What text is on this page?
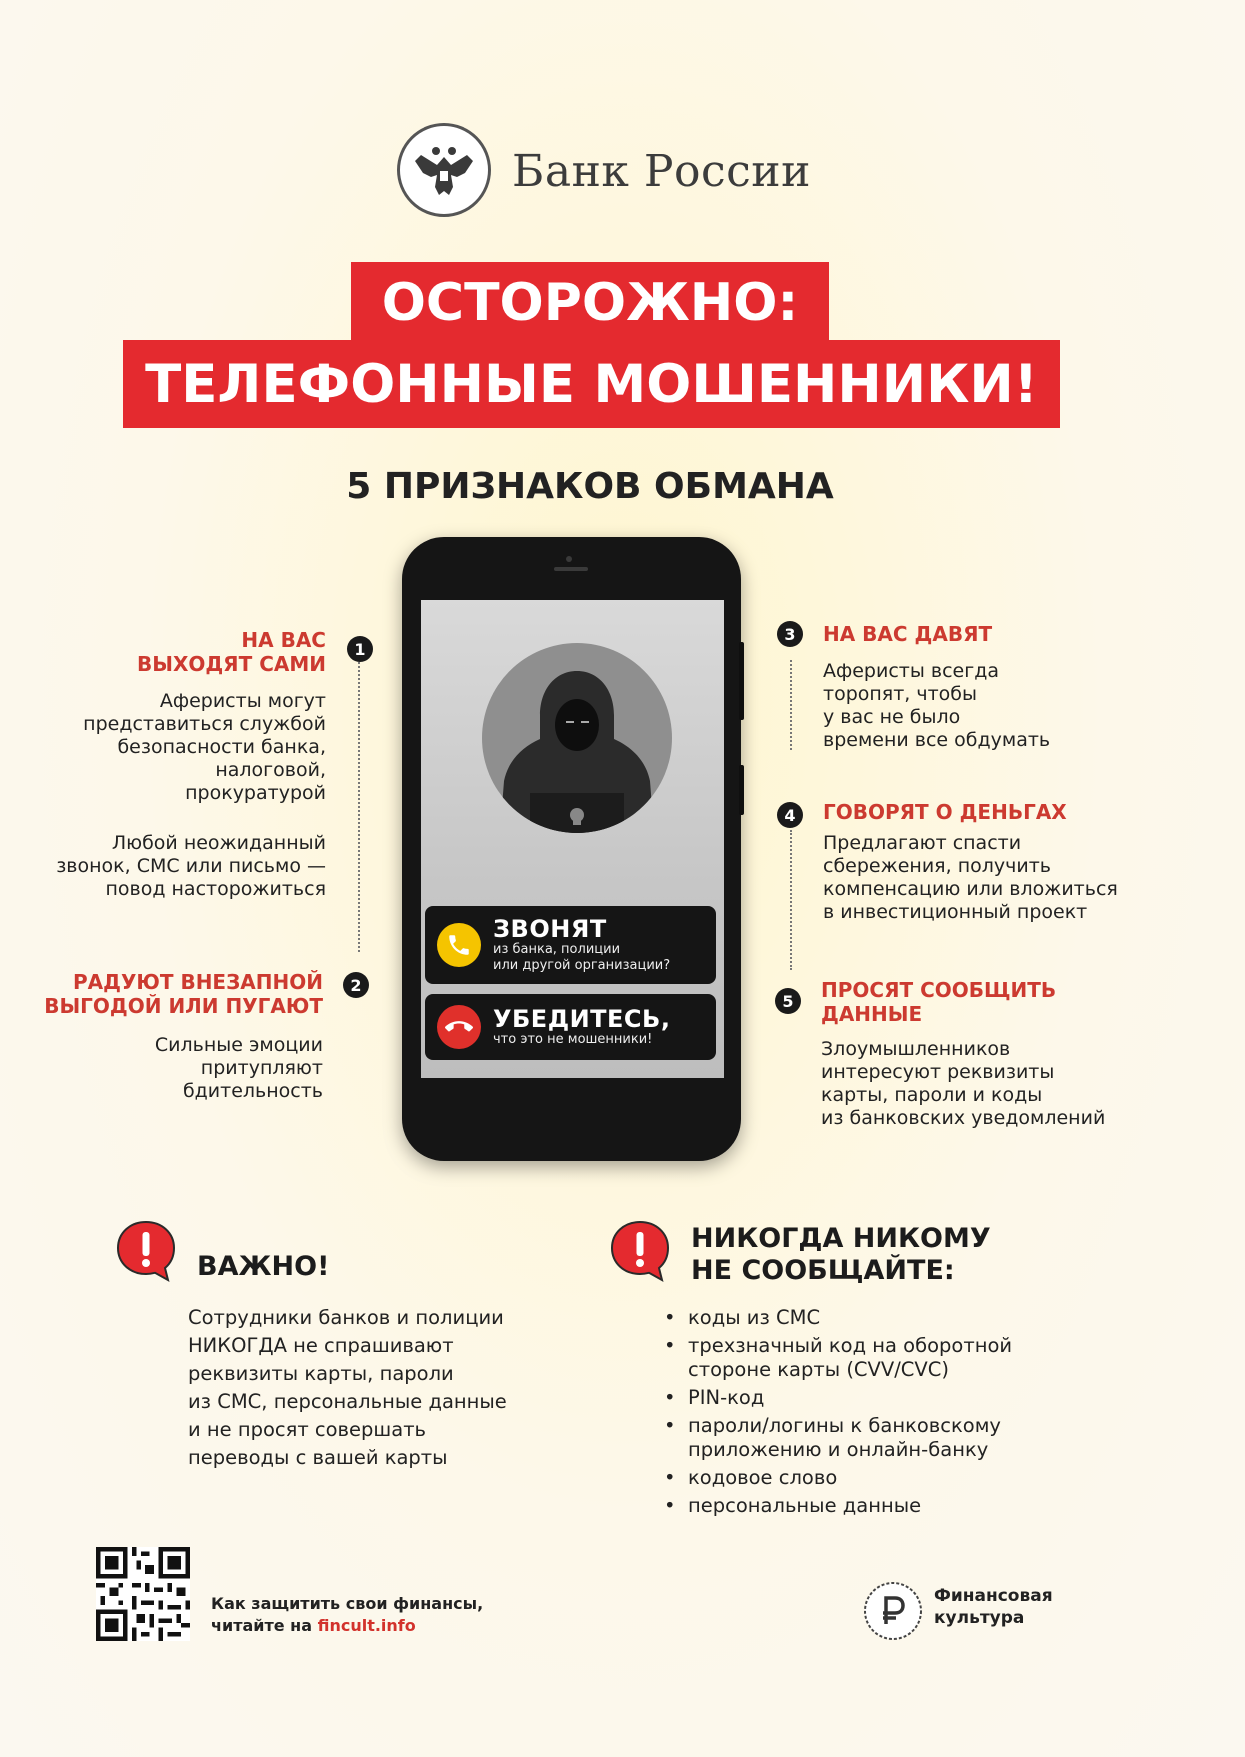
Банк России
ОСТОРОЖНО:
ТЕЛЕФОННЫЕ МОШЕННИКИ!
5 ПРИЗНАКОВ ОБМАНА
ЗВОНЯТ
из банка, полиции
или другой организации?
УБЕДИТЕСЬ,
что это не мошенники!
1
НА ВАС
ВЫХОДЯТ САМИ
Аферисты могут
представиться службой
безопасности банка,
налоговой,
прокуратурой
Любой неожиданный
звонок, СМС или письмо —
повод насторожиться
2
РАДУЮТ ВНЕЗАПНОЙ
ВЫГОДОЙ ИЛИ ПУГАЮТ
Сильные эмоции
притупляют
бдительность
3	НА ВАС ДАВЯТ
Аферисты всегда
торопят, чтобы
у вас не было
времени все обдумать
4	ГОВОРЯТ О ДЕНЬГАХ
Предлагают спасти
сбережения, получить
компенсацию или вложиться
в инвестиционный проект
5	ПРОСЯТ СООБЩИТЬ
ДАННЫЕ
Злоумышленников
интересуют реквизиты
карты, пароли и коды
из банковских уведомлений
ВАЖНО!
Сотрудники банков и полиции
НИКОГДА не спрашивают
реквизиты карты, пароли
из СМС, персональные данные
и не просят совершать
переводы с вашей карты
НИКОГДА НИКОМУ
НЕ СООБЩАЙТЕ:
• коды из СМС
• трехзначный код на оборотной
стороне карты (CVV/CVC)
• PIN-код
• пароли/логины к банковскому
приложению и онлайн-банку
• кодовое слово
• персональные данные
Как защитить свои финансы,
читайте на fincult.info
Финансовая
культура
